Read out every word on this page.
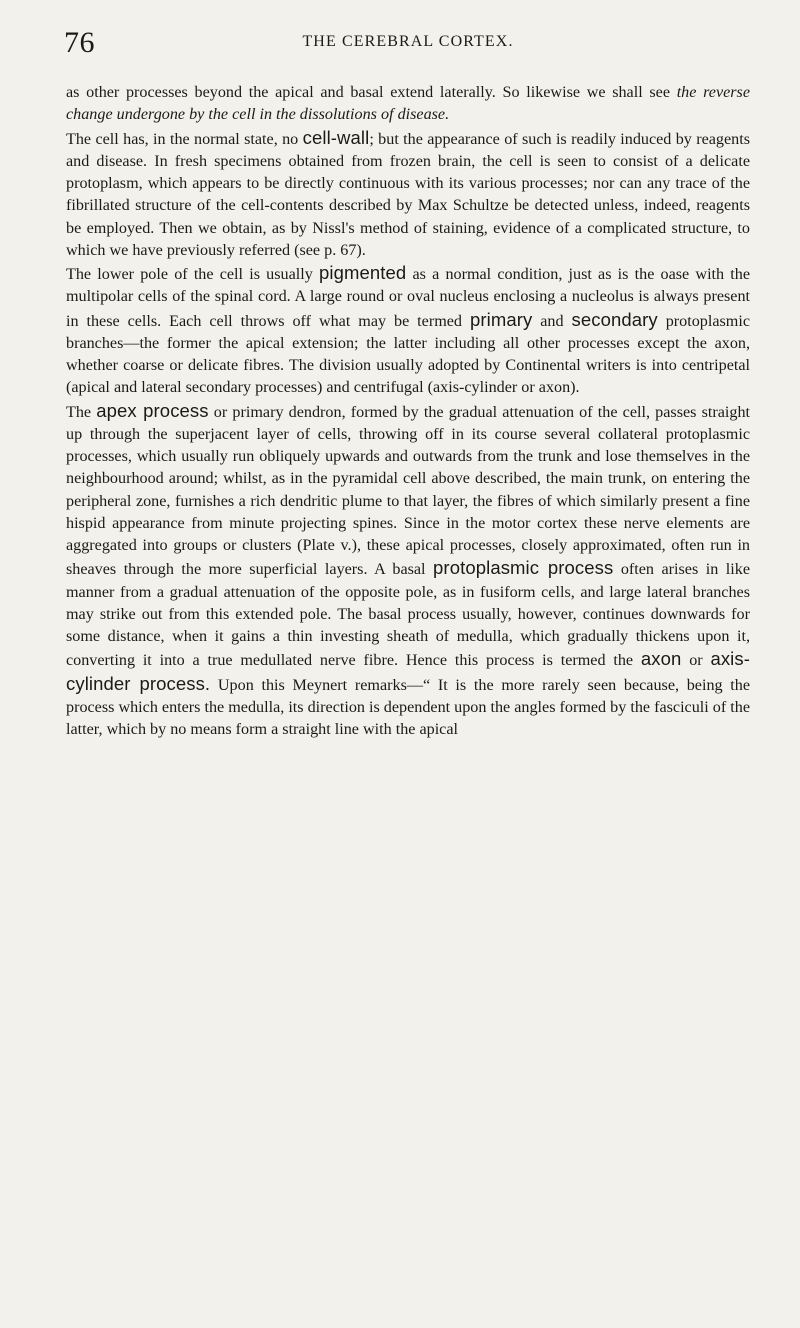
76	THE CEREBRAL CORTEX.

as other processes beyond the apical and basal extend laterally. So likewise we shall see the reverse change undergone by the cell in the dissolutions of disease.

The cell has, in the normal state, no cell-wall; but the appearance of such is readily induced by reagents and disease. In fresh specimens obtained from frozen brain, the cell is seen to consist of a delicate protoplasm, which appears to be directly continuous with its various processes; nor can any trace of the fibrillated structure of the cell-contents described by Max Schultze be detected unless, indeed, reagents be employed. Then we obtain, as by Nissl's method of staining, evidence of a complicated structure, to which we have previously referred (see p. 67).

The lower pole of the cell is usually pigmented as a normal condition, just as is the oase with the multipolar cells of the spinal cord. A large round or oval nucleus enclosing a nucleolus is always present in these cells. Each cell throws off what may be termed primary and secondary protoplasmic branches—the former the apical extension; the latter including all other processes except the axon, whether coarse or delicate fibres. The division usually adopted by Continental writers is into centripetal (apical and lateral secondary processes) and centrifugal (axis-cylinder or axon).

The apex process or primary dendron, formed by the gradual attenuation of the cell, passes straight up through the superjacent layer of cells, throwing off in its course several collateral protoplasmic processes, which usually run obliquely upwards and outwards from the trunk and lose themselves in the neighbourhood around; whilst, as in the pyramidal cell above described, the main trunk, on entering the peripheral zone, furnishes a rich dendritic plume to that layer, the fibres of which similarly present a fine hispid appearance from minute projecting spines. Since in the motor cortex these nerve elements are aggregated into groups or clusters (Plate v.), these apical processes, closely approximated, often run in sheaves through the more superficial layers. A basal protoplasmic process often arises in like manner from a gradual attenuation of the opposite pole, as in fusiform cells, and large lateral branches may strike out from this extended pole. The basal process usually, however, continues downwards for some distance, when it gains a thin investing sheath of medulla, which gradually thickens upon it, converting it into a true medullated nerve fibre. Hence this process is termed the axon or axis-cylinder process. Upon this Meynert remarks—“ It is the more rarely seen because, being the process which enters the medulla, its direction is dependent upon the angles formed by the fasciculi of the latter, which by no means form a straight line with the apical
